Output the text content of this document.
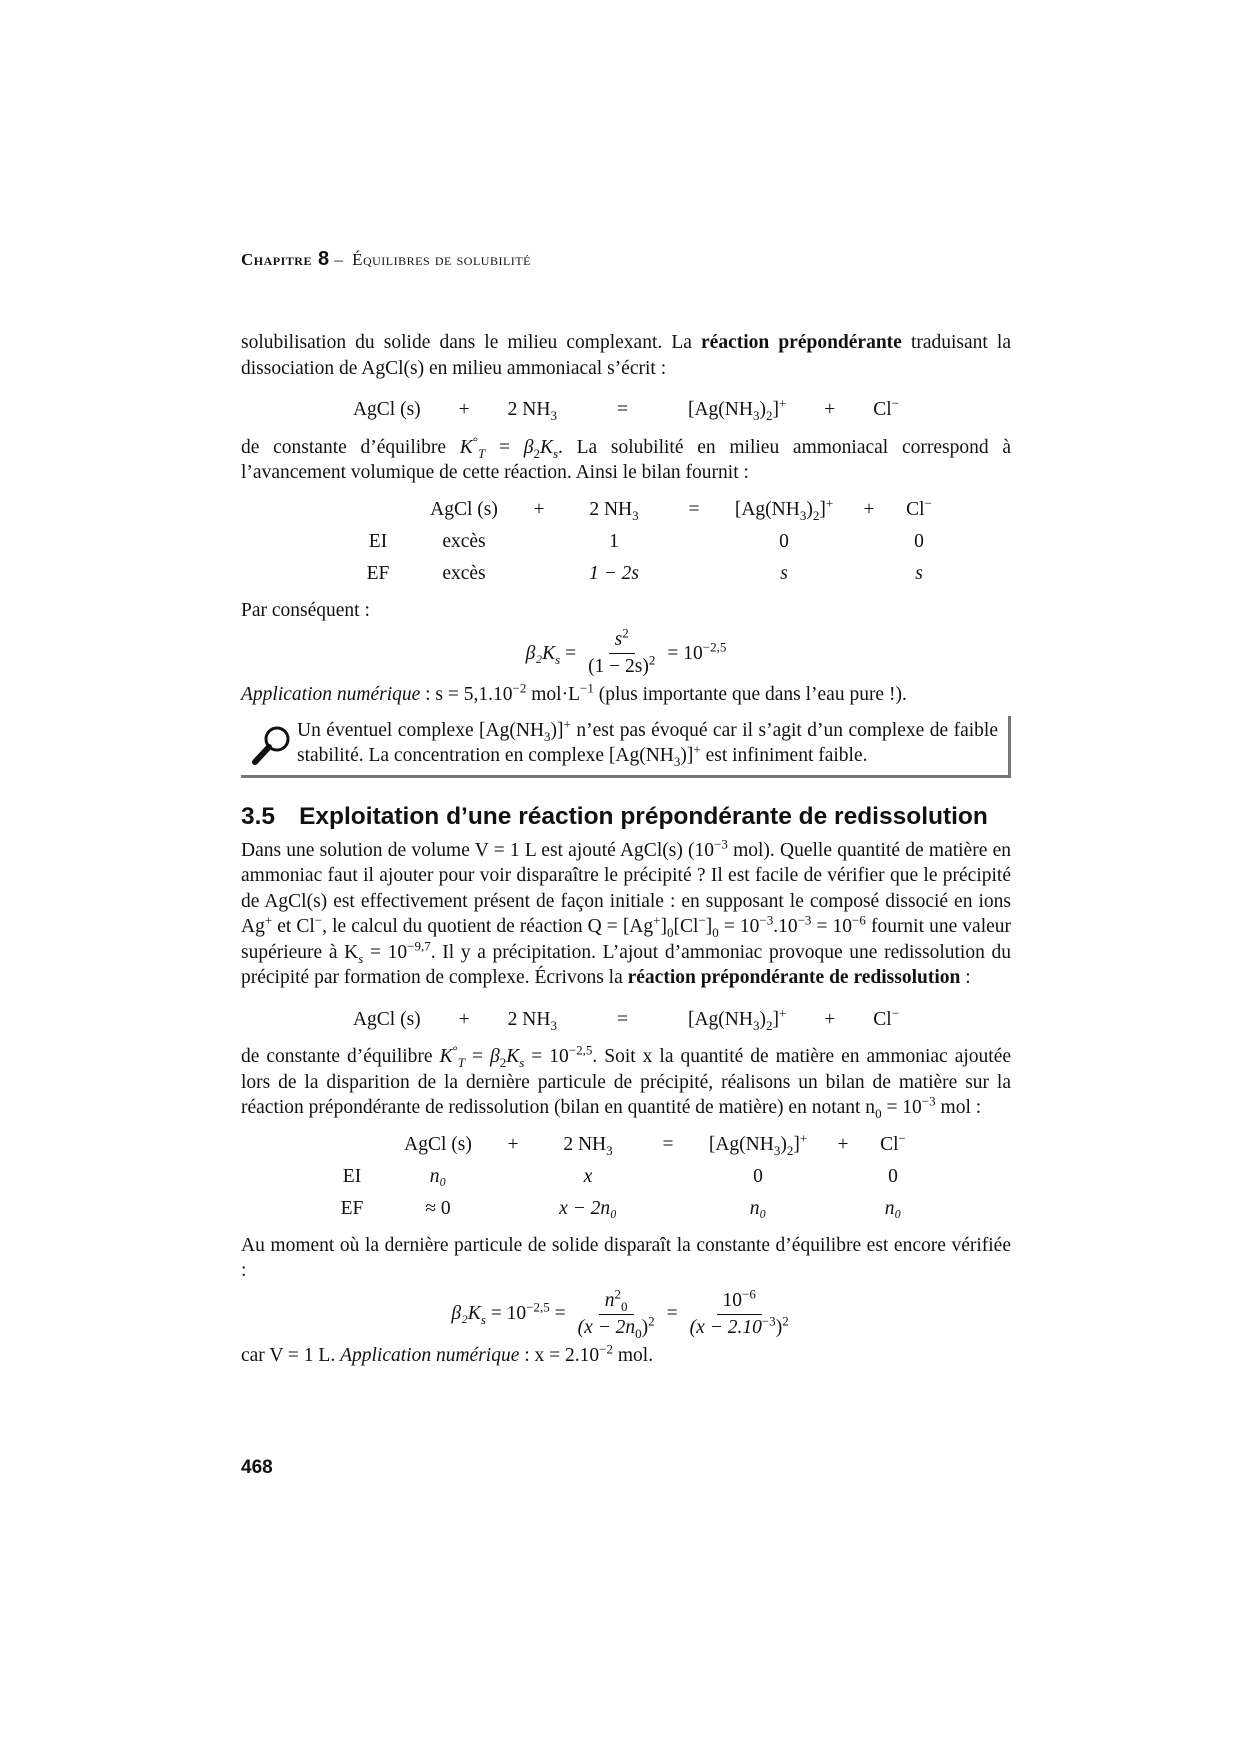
Chapitre 8 – Équilibres de solubilité

solubilisation du solide dans le milieu complexant. La réaction prépondérante traduisant la dissociation de AgCl(s) en milieu ammoniacal s’écrit :

AgCl (s) + 2 $NH_3$	=	$[Ag(NH_3)_2]^+ + Cl^-$

de constante d’équilibre $K^\circ_T = \beta_2K_s$. La solubilité en milieu ammoniacal correspond à l’avancement volumique de cette réaction. Ainsi le bilan fournit :

	AgCl (s)	+	2 $NH_3$	=	$[Ag(NH_3)_2]^+$	+	Cl−
EI	excès		1		0		0
EF	excès		1 − 2s		s		s

Par conséquent :

$\beta_2K_s = \frac{s^2}{(1 - 2s)^2} = 10^{-2,5}$

Application numérique : $s = 5,1.10^{-2}$ $mol\cdot L^{-1}$ (plus importante que dans l’eau pure !).

Un éventuel complexe $[Ag(NH_3)]^+$ n’est pas évoqué car il s’agit d’un complexe de faible stabilité. La concentration en complexe $[Ag(NH_3)]^+$ est infiniment faible.

3.5 Exploitation d’une réaction prépondérante de redissolution

Dans une solution de volume V = 1 L est ajouté AgCl(s) ($10^{-3}$ mol). Quelle quantité de matière en ammoniac faut il ajouter pour voir disparaître le précipité ? Il est facile de vérifier que le précipité de AgCl(s) est effectivement présent de façon initiale : en supposant le composé dissocié en ions Ag+ et Cl−, le calcul du quotient de réaction $Q = [Ag^+]_0[Cl^-]_0 = 10^{-3}.10^{-3} = 10^{-6}$ fournit une valeur supérieure à $K_s = 10^{-9,7}$. Il y a précipitation. L’ajout d’ammoniac provoque une redissolution du précipité par formation de complexe. Écrivons la réaction prépondérante de redissolution :

AgCl (s) + 2 $NH_3$	=	$[Ag(NH_3)_2]^+ + Cl^-$

de constante d’équilibre $K^\circ_T = \beta_2K_s = 10^{-2,5}$. Soit x la quantité de matière en ammoniac ajoutée lors de la disparition de la dernière particule de précipité, réalisons un bilan de matière sur la réaction prépondérante de redissolution (bilan en quantité de matière) en notant $n_0 = 10^{-3}$ mol :

	AgCl (s)	+	2 $NH_3$	=	$[Ag(NH_3)_2]^+$	+	Cl−
EI	n₀		x		0		0
EF	≈ 0		x − 2n₀		n₀		n₀

Au moment où la dernière particule de solide disparaît la constante d’équilibre est encore vérifiée :

$\beta_2K_s = 10^{-2,5} = \frac{n^2_0}{(x - 2n_0)^2} = \frac{10^{-6}}{(x - 2.10^{-3})^2}$

car V = 1 L. Application numérique : $x = 2.10^{-2}$ mol.

468
